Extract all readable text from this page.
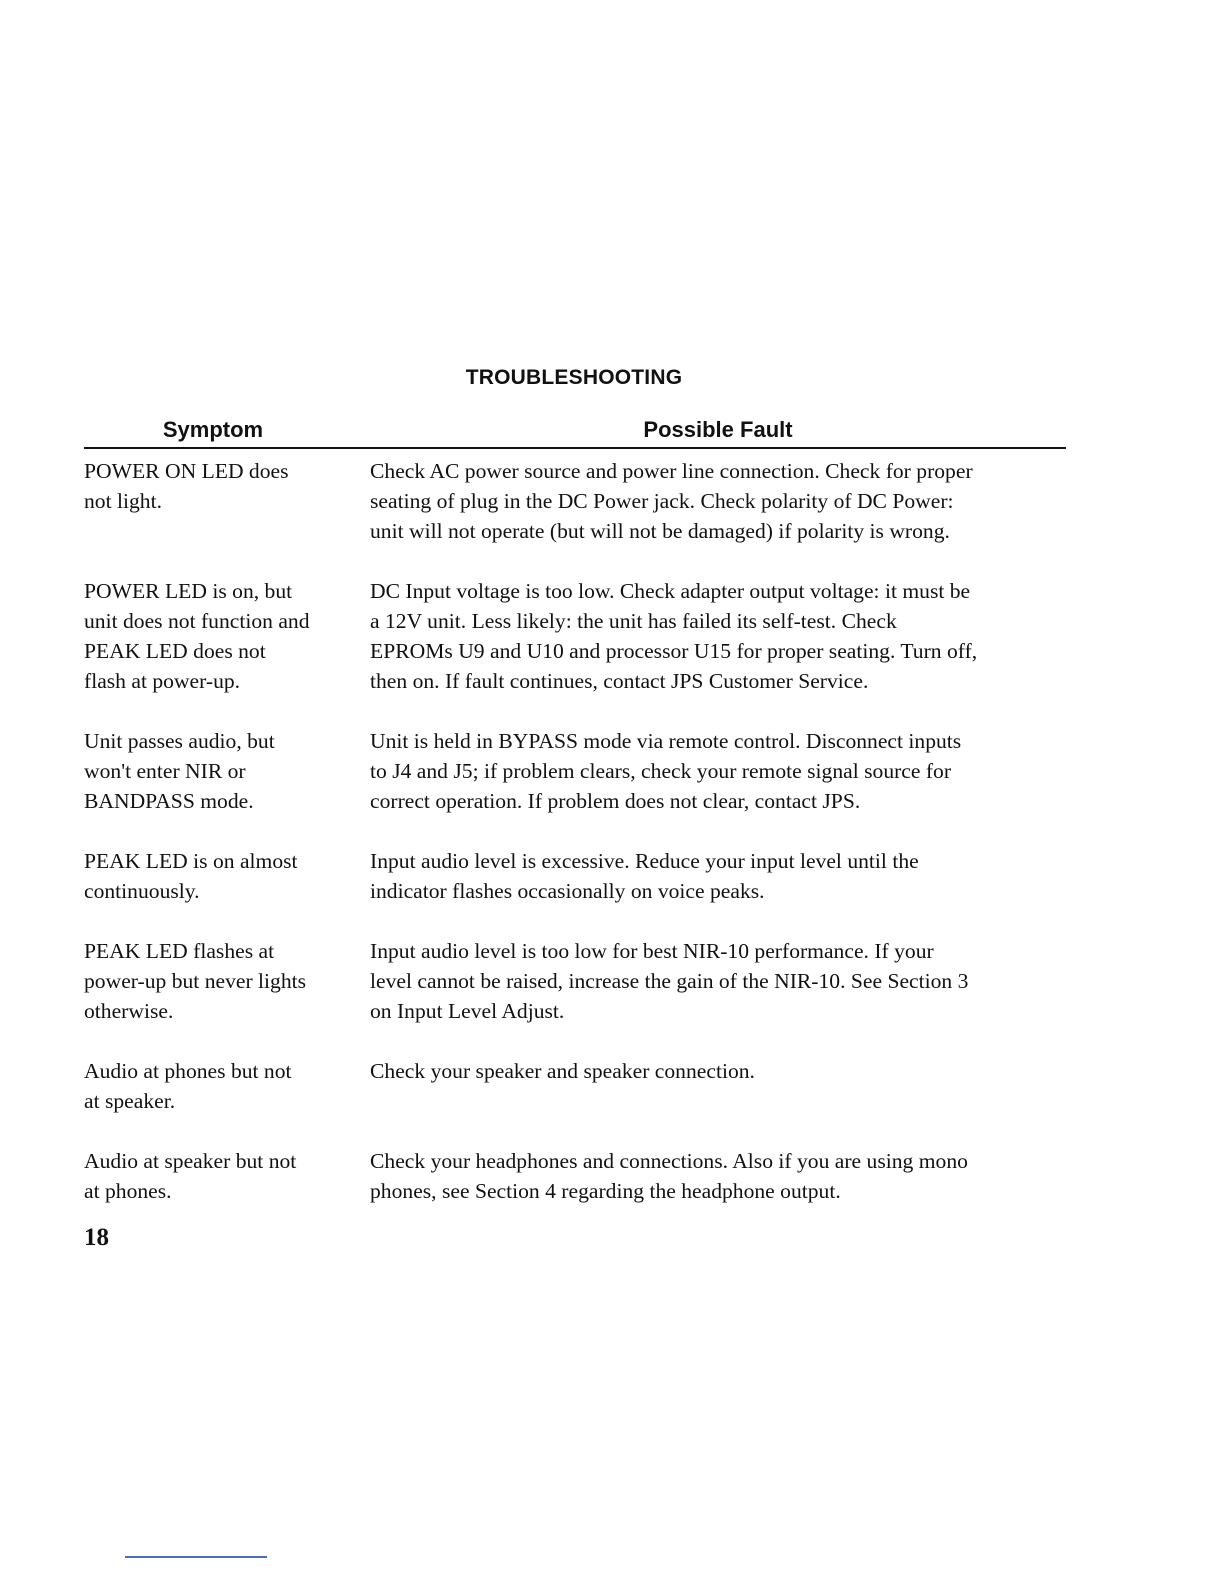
TROUBLESHOOTING
Symptom	Possible Fault
POWER ON LED does
not light.
Check AC power source and power line connection. Check for proper
seating of plug in the DC Power jack. Check polarity of DC Power:
unit will not operate (but will not be damaged) if polarity is wrong.
POWER LED is on, but
unit does not function and
PEAK LED does not
flash at power-up.
DC Input voltage is too low. Check adapter output voltage: it must be
a 12V unit. Less likely: the unit has failed its self-test. Check
EPROMs U9 and U10 and processor U15 for proper seating. Turn off,
then on. If fault continues, contact JPS Customer Service.
Unit passes audio, but
won't enter NIR or
BANDPASS mode.
Unit is held in BYPASS mode via remote control. Disconnect inputs
to J4 and J5; if problem clears, check your remote signal source for
correct operation. If problem does not clear, contact JPS.
PEAK LED is on almost
continuously.
Input audio level is excessive. Reduce your input level until the
indicator flashes occasionally on voice peaks.
PEAK LED flashes at
power-up but never lights
otherwise.
Input audio level is too low for best NIR-10 performance. If your
level cannot be raised, increase the gain of the NIR-10. See Section 3
on Input Level Adjust.
Audio at phones but not
at speaker.
Check your speaker and speaker connection.
Audio at speaker but not
at phones.
Check your headphones and connections. Also if you are using mono
phones, see Section 4 regarding the headphone output.
18
